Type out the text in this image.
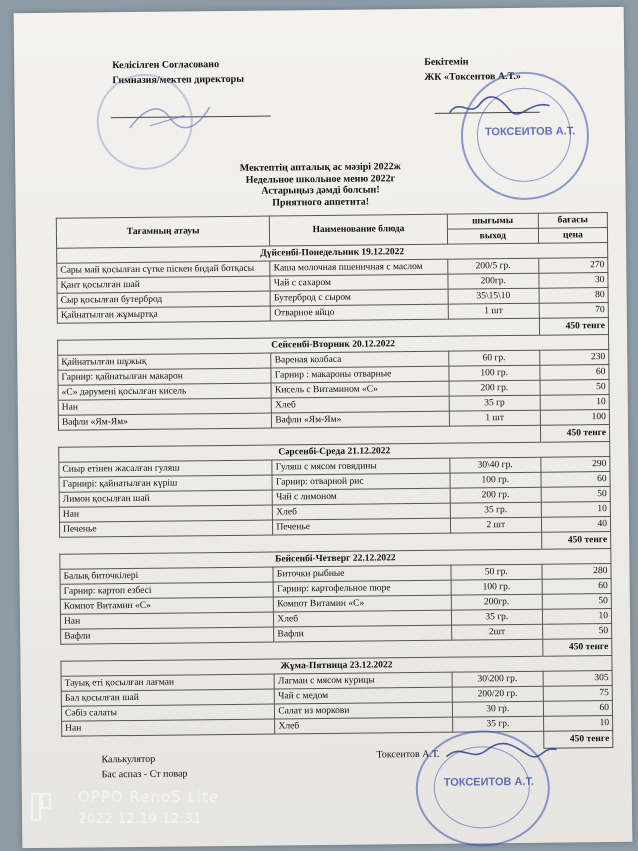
Келісілген Согласовано
Гимназия/мектеп директоры
Бекітемін
ЖК «Токсентов А.Т.»
ТОКСЕИТОВ А.Т.
Мектептің апталық ас мәзірі 2022ж
Недельное школьное меню 2022г
Астарыңыз дәмді болсын!
Приятного аппетита!
Тағамның атауы	Наименование блюда	шығымы	бағасы
		выход	цена
Дүйсенбі-Понедельник 19.12.2022			
Сары май қосылған сүтке піскен бидай ботқасы	Каша молочная пшеничная с маслом	200/5 гр.	270
Қант қосылған шай	Чай с сахаром	200гр.	30
Сыр қосылған бутерброд	Бутерброд с сыром	35\15\10	80
Қайнатылған жұмыртқа	Отварное яйцо	1 шт	70
			450 тенге
Сейсенбі-Вторник 20.12.2022			
Қайнатылған шұжық	Вареная колбаса	60 гр.	230
Гарнир: қайнатылған макарон	Гарнир : макароны отварные	100 гр.	60
«С» дәрумені қосылған кисель	Кисель с Витамином «С»	200 гр.	50
Нан	Хлеб	35 гр	10
Вафли «Ям-Ям»	Вафли «Ям-Ям»	1 шт	100
			450 тенге
Сәрсенбі-Среда 21.12.2022			
Сиыр етінен жасалған гуляш	Гуляш с мясом говядины	30\40 гр.	290
Гарнирі: қайнатылған күріш	Гарнир: отварной рис	100 гр.	60
Лимон қосылған шай	Чай с лимоном	200 гр.	50
Нан	Хлеб	35 гр.	10
Печенье	Печенье	2 шт	40
			450 тенге
Бейсенбі-Четверг 22.12.2022			
Балық биточкілері	Биточки рыбные	50 гр.	280
Гарнир: картоп езбесі	Гарнир: картофельное пюре	100 гр.	60
Компот Витамин «С»	Компот Витамин «С»	200гр.	50
Нан	Хлеб	35 гр.	10
Вафли	Вафли	2шт	50
			450 тенге
Жұма-Пятница 23.12.2022			
Тауық еті қосылған лағман	Лагман с мясом курицы	30\200 гр.	305
Бал қосылған шай	Чай с медом	200/20 гр.	75
Сәбіз салаты	Салат из моркови	30 гр.	60
Нан	Хлеб	35 гр.	10
			450 тенге
Калькулятор
Бас аспаз - Ст повар
Токсеитов А.Т.
ТОКСЕИТОВ А.Т.
OPPO Reno5 Lite
2022.12.19 12:31
